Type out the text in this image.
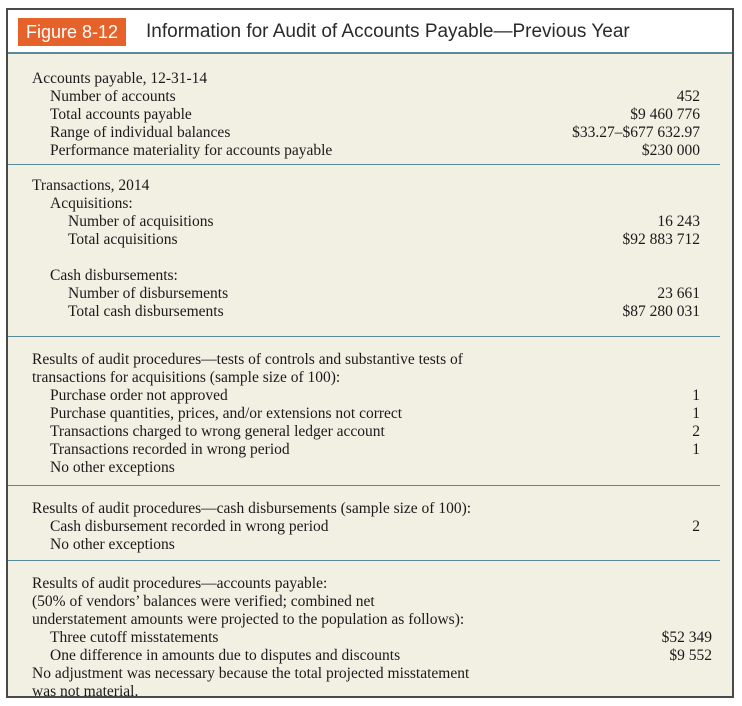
Figure 8-12	Information for Audit of Accounts Payable—Previous Year
Accounts payable, 12-31-14
Number of accounts	452
Total accounts payable	$9 460 776
Range of individual balances	$33.27–$677 632.97
Performance materiality for accounts payable	$230 000
Transactions, 2014
Acquisitions:
Number of acquisitions	16 243
Total acquisitions	$92 883 712
Cash disbursements:
Number of disbursements	23 661
Total cash disbursements	$87 280 031
Results of audit procedures—tests of controls and substantive tests of
transactions for acquisitions (sample size of 100):
Purchase order not approved	1
Purchase quantities, prices, and/or extensions not correct	1
Transactions charged to wrong general ledger account	2
Transactions recorded in wrong period	1
No other exceptions
Results of audit procedures—cash disbursements (sample size of 100):
Cash disbursement recorded in wrong period	2
No other exceptions
Results of audit procedures—accounts payable:
(50% of vendors’ balances were verified; combined net
understatement amounts were projected to the population as follows):
Three cutoff misstatements	$52 349
One difference in amounts due to disputes and discounts	$9 552
No adjustment was necessary because the total projected misstatement
was not material.
